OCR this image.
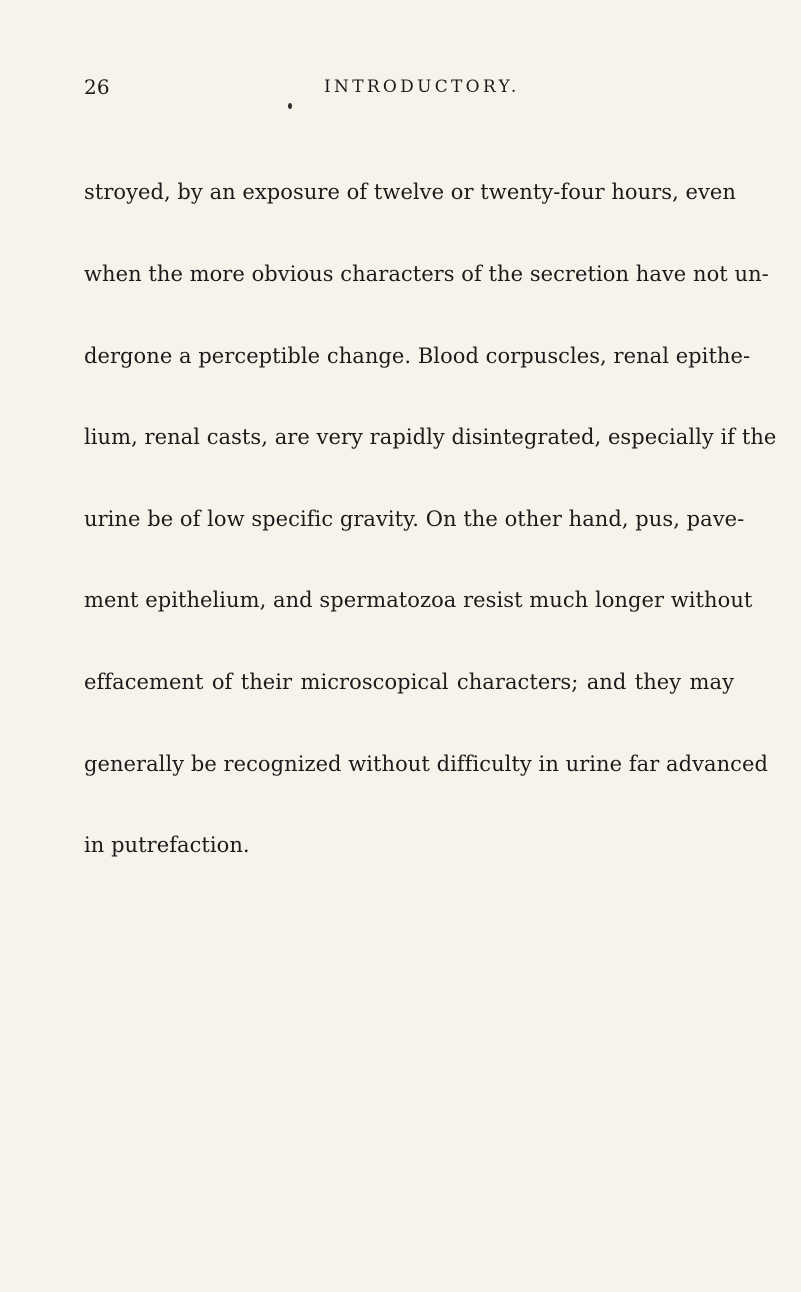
26	INTRODUCTORY.

stroyed, by an exposure of twelve or twenty-four hours, even

when the more obvious characters of the secretion have not un-

dergone a perceptible change. Blood corpuscles, renal epithe-

lium, renal casts, are very rapidly disintegrated, especially if the

urine be of low specific gravity. On the other hand, pus, pave-

ment epithelium, and spermatozoa resist much longer without

effacement of their microscopical characters; and they may

generally be recognized without difficulty in urine far advanced

in putrefaction.
